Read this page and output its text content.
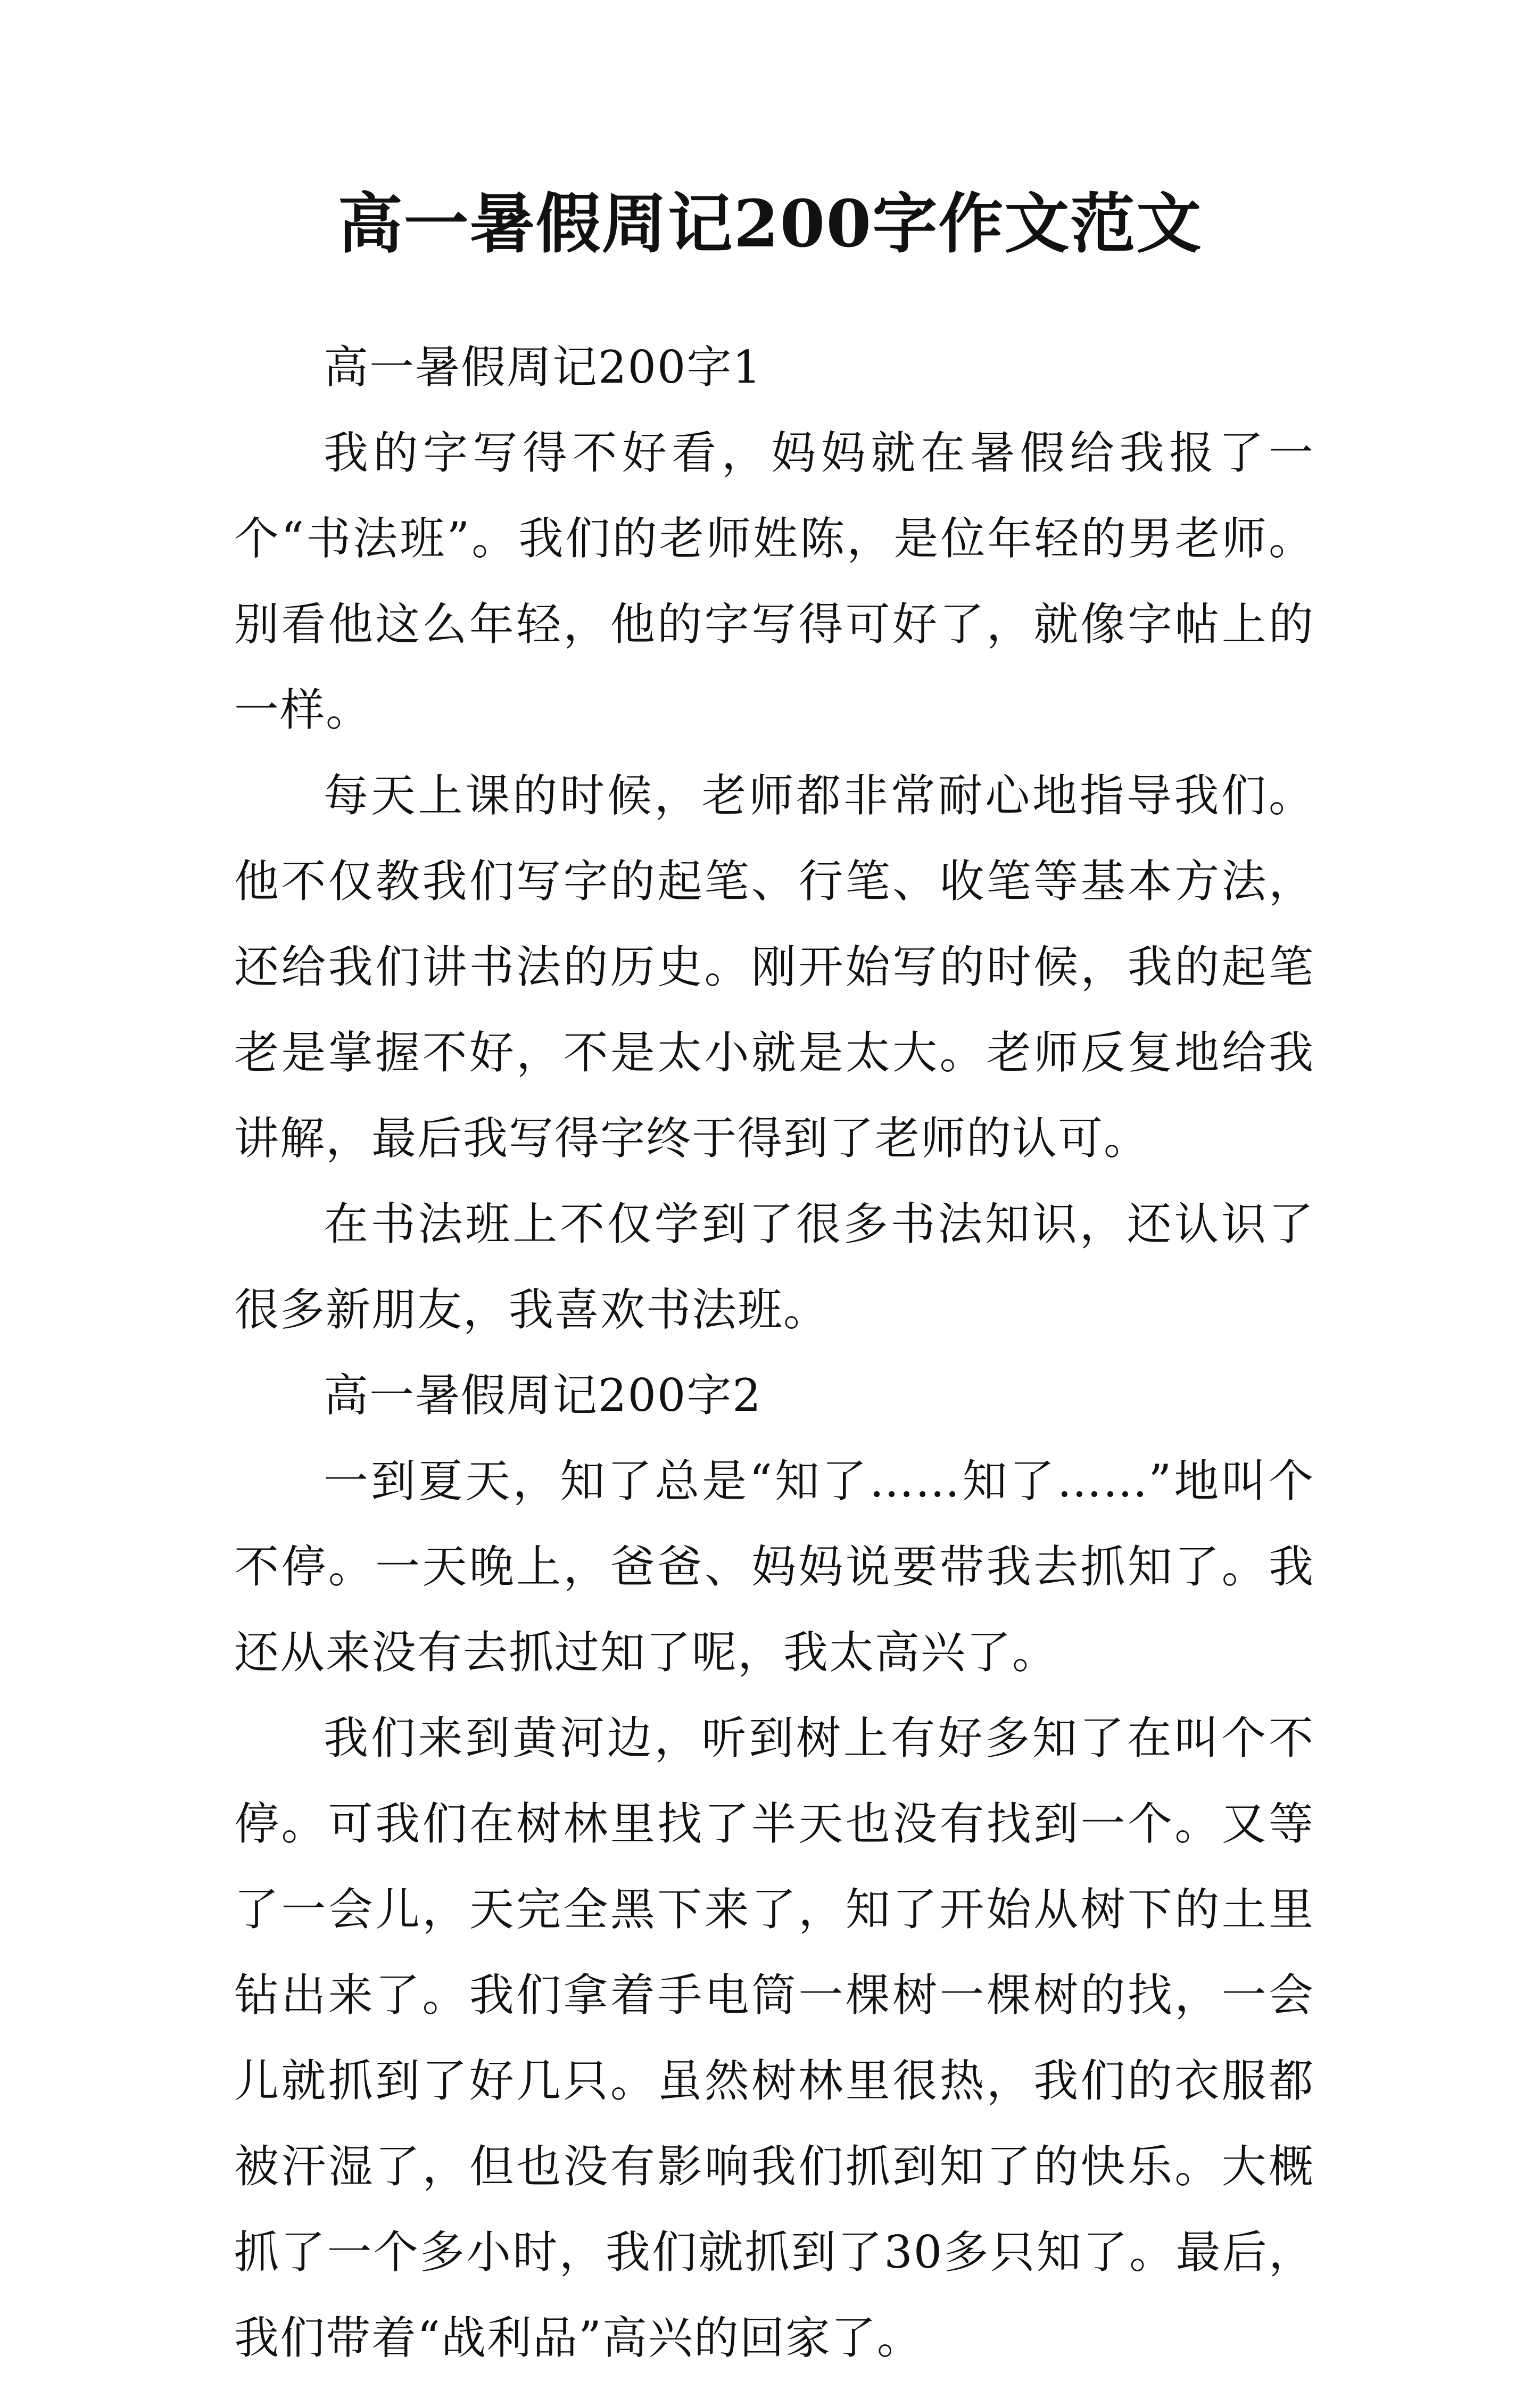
高一暑假周记200字作文范文

高一暑假周记200字1

我的字写得不好看，妈妈就在暑假给我报了一个“书法班”。我们的老师姓陈，是位年轻的男老师。别看他这么年轻，他的字写得可好了，就像字帖上的一样。

每天上课的时候，老师都非常耐心地指导我们。他不仅教我们写字的起笔、行笔、收笔等基本方法，还给我们讲书法的历史。刚开始写的时候，我的起笔老是掌握不好，不是太小就是太大。老师反复地给我讲解，最后我写得字终于得到了老师的认可。

在书法班上不仅学到了很多书法知识，还认识了很多新朋友，我喜欢书法班。

高一暑假周记200字2

一到夏天，知了总是“知了……知了……”地叫个不停。一天晚上，爸爸、妈妈说要带我去抓知了。我还从来没有去抓过知了呢，我太高兴了。

我们来到黄河边，听到树上有好多知了在叫个不停。可我们在树林里找了半天也没有找到一个。又等了一会儿，天完全黑下来了，知了开始从树下的土里钻出来了。我们拿着手电筒一棵树一棵树的找，一会儿就抓到了好几只。虽然树林里很热，我们的衣服都被汗湿了，但也没有影响我们抓到知了的快乐。大概抓了一个多小时，我们就抓到了30多只知了。最后，我们带着“战利品”高兴的回家了。
